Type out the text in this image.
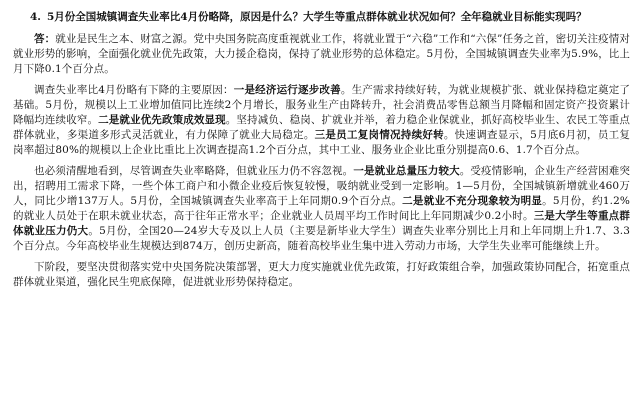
4. 5月份全国城镇调查失业率比4月份略降，原因是什么？大学生等重点群体就业状况如何？全年稳就业目标能实现吗？

答：就业是民生之本、财富之源。党中央国务院高度重视就业工作，将就业置于“六稳”工作和“六保”任务之首，密切关注疫情对就业形势的影响，全面强化就业优先政策，大力援企稳岗，保持了就业形势的总体稳定。5月份，全国城镇调查失业率为5.9%，比上月下降0.1个百分点。

调查失业率比4月份略有下降的主要原因：一是经济运行逐步改善。生产需求持续好转，为就业规模扩张、就业保持稳定奠定了基础。5月份，规模以上工业增加值同比连续2个月增长，服务业生产由降转升，社会消费品零售总额当月降幅和固定资产投资累计降幅均连续收窄。二是就业优先政策成效显现。坚持减负、稳岗、扩就业并举，着力稳企业保就业，抓好高校毕业生、农民工等重点群体就业，多渠道多形式灵活就业，有力保障了就业大局稳定。三是员工复岗情况持续好转。快速调查显示，5月底6月初，员工复岗率超过80%的规模以上企业比重比上次调查提高1.2个百分点，其中工业、服务业企业比重分别提高0.6、1.7个百分点。

也必须清醒地看到，尽管调查失业率略降，但就业压力仍不容忽视。一是就业总量压力较大。受疫情影响，企业生产经营困难突出，招聘用工需求下降，一些个体工商户和小微企业疫后恢复较慢，吸纳就业受到一定影响。1—5月份，全国城镇新增就业460万人，同比少增137万人。5月份，全国城镇调查失业率高于上年同期0.9个百分点。二是就业不充分现象较为明显。5月份，约1.2%的就业人员处于在职未就业状态，高于往年正常水平；企业就业人员周平均工作时间比上年同期减少0.2小时。三是大学生等重点群体就业压力仍大。5月份，全国20—24岁大专及以上人员（主要是新毕业大学生）调查失业率分别比上月和上年同期上升1.7、3.3个百分点。今年高校毕业生规模达到874万，创历史新高，随着高校毕业生集中进入劳动力市场，大学生失业率可能继续上升。

下阶段，要坚决贯彻落实党中央国务院决策部署，更大力度实施就业优先政策，打好政策组合拳，加强政策协同配合，拓宽重点群体就业渠道，强化民生兜底保障，促进就业形势保持稳定。
